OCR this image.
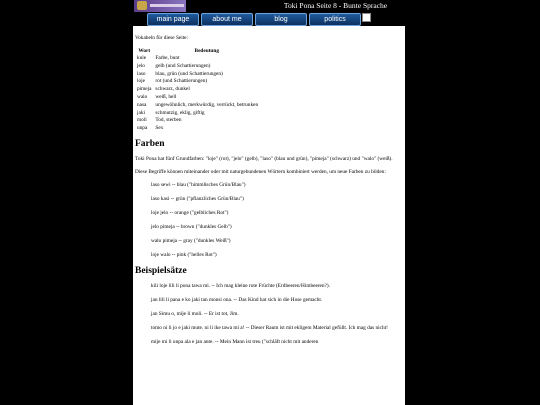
Toki Pona Seite 8 - Bunte Sprache
main page	about me	blog	politics

Vokabeln für diese Seite:

Wort	Bedeutung
kule	Farbe, bunt
jelo	gelb (und Schattierungen)
laso	blau, grün (und Schattierungen)
loje	rot (und Schattierungen)
pimeja	schwarz, dunkel
walo	weiß, hell
nasa	ungewöhnlich, merkwürdig, verrückt, betrunken
jaki	schmutzig, eklig, giftig
moli	Tod, sterben
unpa	Sex
Farben

Toki Pona hat fünf Grundfarben: "loje" (rot), "jelo" (gelb), "laso" (blau und grün), "pimeja" (schwarz) und "walo" (weiß).

Diese Begriffe können miteinander oder mit naturgebundenen Wörtern kombiniert werden, um neue Farben zu bilden:

laso sewi -- blau ("himmlisches Grün/Blau")

laso kasi -- grün ("pflanzliches Grün/Blau")

loje jelo -- orange ("gelbliches Rot")

jelo pimeja -- brown ("dunkles Gelb")

walo pimeja -- gray ("dunkles Weiß")

loje walo -- pink ("helles Rot")

Beispielsätze

kili loje lili li pona tawa mi. -- Ich mag kleine rote Früchte (Erdbeeren/Himbeeren?).

jan lili li pana e ko jaki tan monsi ona. -- Das Kind hat sich in die Hose gemacht.

jan Simu o, mije li moli. -- Er ist tot, Jim.

tomo ni li jo e jaki mute. ni li ike tawa mi a! -- Dieser Raum ist mit ekligem Material gefüllt. Ich mag das nicht!

mije mi li unpa ala e jan ante. -- Mein Mann ist treu ("schläft nicht mit anderen
